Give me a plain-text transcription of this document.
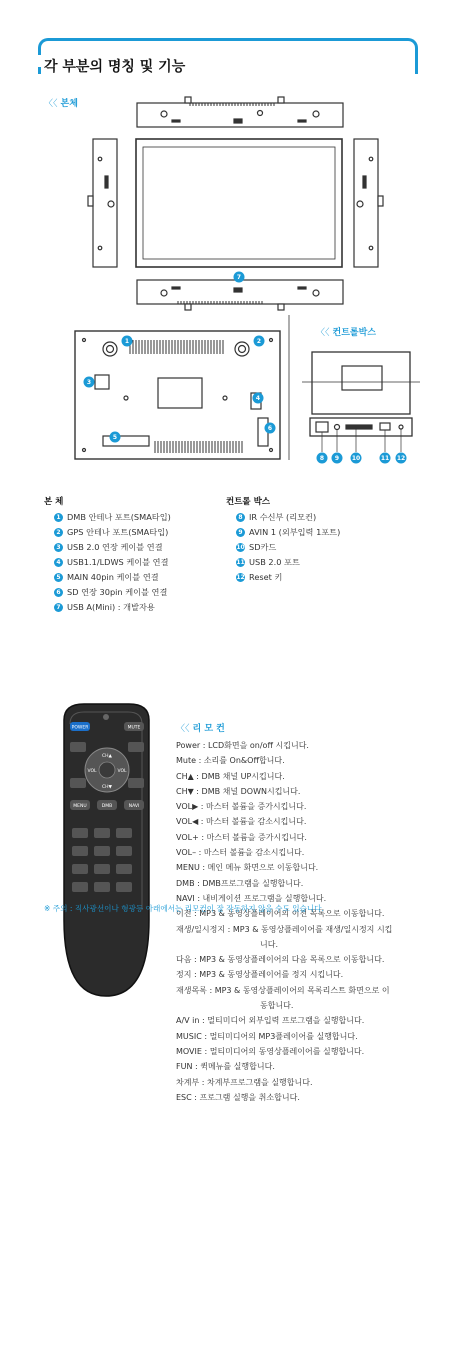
각 부분의 명칭 및 기능
〈〈 본체
1	2
3
4
5
6
7
8 9 10	11 12
〈〈 컨트롤박스
본 체
1 DMB 안테나 포트(SMA타입)
2 GPS 안테나 포트(SMA타입)
3 USB 2.0 연장 케이블 연결
4 USB1.1/LDWS 케이블 연결
5 MAIN 40pin 케이블 연결
6 SD 연장 30pin 케이블 연결
7 USB A(Mini) : 개발자용
컨트롤 박스
8 IR 수신부 (리모컨)
9 AVIN 1 (외부입력 1포트)
10 SD카드
11 USB 2.0 포트
12 Reset 키
POWER	MUTE
CH▲
CH▼
VOL	VOL
MENU	DMB	NAVI
〈〈 리 모 컨
Power : LCD화면을 on/off 시킵니다.
Mute : 소리를 On&Off합니다.
CH▲ : DMB 채널 UP시킵니다.
CH▼ : DMB 채널 DOWN시킵니다.
VOL▶ : 마스터 볼륨을 증가시킵니다.
VOL◀ : 마스터 볼륨을 감소시킵니다.
VOL+ : 마스터 볼륨을 증가시킵니다.
VOL– : 마스터 볼륨을 감소시킵니다.
MENU : 메인 메뉴 화면으로 이동합니다.
DMB : DMB프로그램을 실행합니다.
NAVI : 내비게이션 프로그램을 실행합니다.
이전 : MP3 & 동영상플레이어의 이전 목록으로 이동합니다.
재생/일시정지 : MP3 & 동영상플레이어를 재생/일시정지 시킵
니다.
다음 : MP3 & 동영상플레이어의 다음 목록으로 이동합니다.
정지 : MP3 & 동영상플레이어를 정지 시킵니다.
재생목록 : MP3 & 동영상플레이어의 목록리스트 화면으로 이
동합니다.
A/V in : 멀티미디어 외부입력 프로그램을 실행합니다.
MUSIC : 멀티미디어의 MP3플레이어를 실행합니다.
MOVIE : 멀티미디어의 동영상플레이어를 실행합니다.
FUN : 퀵메뉴를 실행합니다.
차계부 : 차계부프로그램을 실행합니다.
ESC : 프로그램 실행을 취소합니다.
※ 주의 : 직사광선이나 형광등 아래에서는 리모컨이 잘 작동하지 않을 수도 있습니다.
